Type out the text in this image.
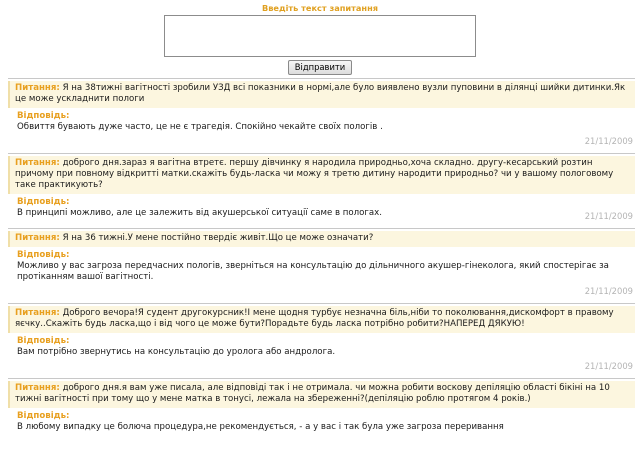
Введіть текст запитання
Відправити
Питання: Я на 38тижні вагітності зробили УЗД всі показники в нормі,але було виявлено вузли пуповини в ділянці шийки дитинки.Як це може ускладнити пологи
Відповідь:
Обвиття бувають дуже часто, це не є трагедія. Спокійно чекайте своїх пологів .
21/11/2009
Питання: доброго дня.зараз я вагітна втретє. першу дівчинку я народила природньо,хоча складно. другу-кесарський розтин причому при повному відкритті матки.скажіть будь-ласка чи можу я третю дитину народити природньо? чи у вашому пологовому таке практикують?
Відповідь:
В принципі можливо, але це залежить від акушерської ситуації саме в пологах.	21/11/2009
Питання: Я на 36 тижні.У мене постійно твердіє живіт.Що це може означати?
Відповідь:
Можливо у вас загроза передчасних пологів, зверніться на консультацію до дільничного акушер-гінеколога, який спостерігає за протіканням вашої вагітності.
21/11/2009
Питання: Доброго вечора!Я судент другокурсник!І мене щодня турбує незначна біль,ніби то поколювання,дискомфорт в правому яєчку..Скажіть будь ласка,що і від чого це може бути?Порадьте будь ласка потрібно робити?НАПЕРЕД ДЯКУЮ!
Відповідь:
Вам потрібно звернутись на консультацію до уролога або андролога.
21/11/2009
Питання: доброго дня.я вам уже писала, але відповіді так і не отримала. чи можна робити воскову депіляцію області бікіні на 10 тижні вагітності при тому що у мене матка в тонусі, лежала на збереженні?(депіляцію роблю протягом 4 років.)
Відповідь:
В любому випадку це болюча процедура,не рекомендується, - а у вас і так була уже загроза переривання
